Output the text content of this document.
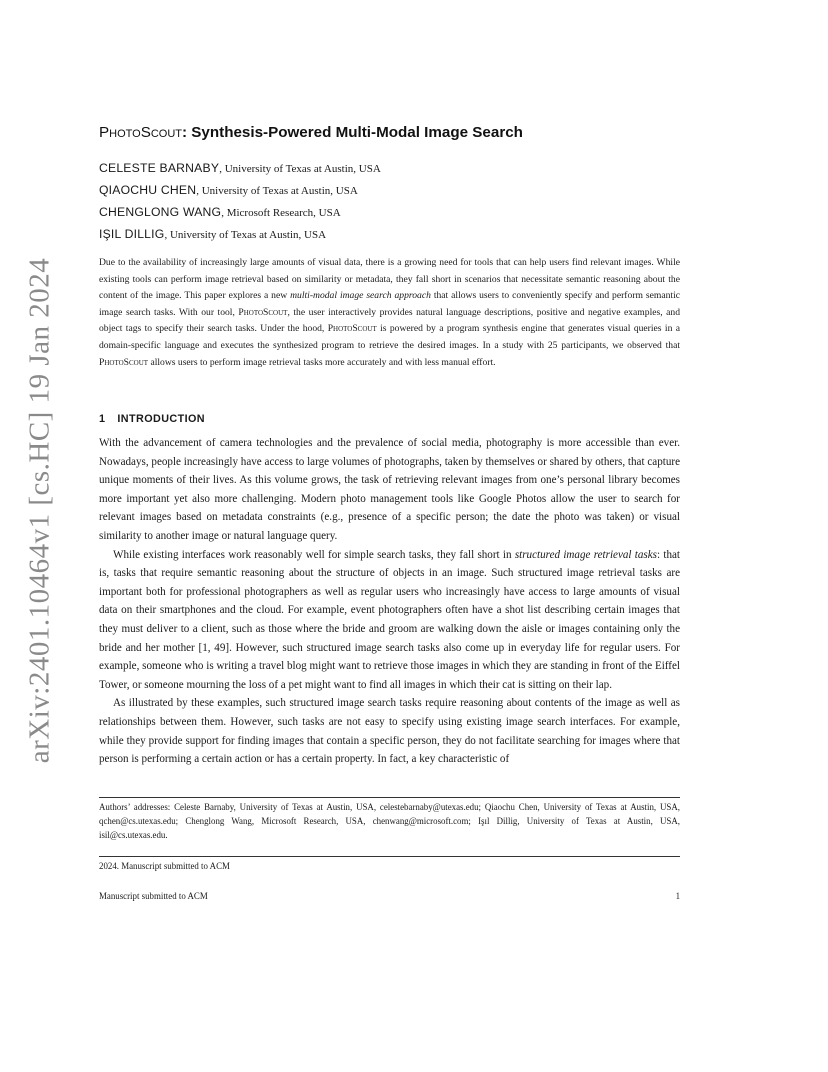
arXiv:2401.10464v1 [cs.HC] 19 Jan 2024
PhotoScout: Synthesis-Powered Multi-Modal Image Search
CELESTE BARNABY, University of Texas at Austin, USA
QIAOCHU CHEN, University of Texas at Austin, USA
CHENGLONG WANG, Microsoft Research, USA
IŞIL DILLIG, University of Texas at Austin, USA

Due to the availability of increasingly large amounts of visual data, there is a growing need for tools that can help users find relevant images. While existing tools can perform image retrieval based on similarity or metadata, they fall short in scenarios that necessitate semantic reasoning about the content of the image. This paper explores a new multi-modal image search approach that allows users to conveniently specify and perform semantic image search tasks. With our tool, PhotoScout, the user interactively provides natural language descriptions, positive and negative examples, and object tags to specify their search tasks. Under the hood, PhotoScout is powered by a program synthesis engine that generates visual queries in a domain-specific language and executes the synthesized program to retrieve the desired images. In a study with 25 participants, we observed that PhotoScout allows users to perform image retrieval tasks more accurately and with less manual effort.

1 INTRODUCTION

With the advancement of camera technologies and the prevalence of social media, photography is more accessible than ever. Nowadays, people increasingly have access to large volumes of photographs, taken by themselves or shared by others, that capture unique moments of their lives. As this volume grows, the task of retrieving relevant images from one’s personal library becomes more important yet also more challenging. Modern photo management tools like Google Photos allow the user to search for relevant images based on metadata constraints (e.g., presence of a specific person; the date the photo was taken) or visual similarity to another image or natural language query.

While existing interfaces work reasonably well for simple search tasks, they fall short in structured image retrieval tasks: that is, tasks that require semantic reasoning about the structure of objects in an image. Such structured image retrieval tasks are important both for professional photographers as well as regular users who increasingly have access to large amounts of visual data on their smartphones and the cloud. For example, event photographers often have a shot list describing certain images that they must deliver to a client, such as those where the bride and groom are walking down the aisle or images containing only the bride and her mother [1, 49]. However, such structured image search tasks also come up in everyday life for regular users. For example, someone who is writing a travel blog might want to retrieve those images in which they are standing in front of the Eiffel Tower, or someone mourning the loss of a pet might want to find all images in which their cat is sitting on their lap.

As illustrated by these examples, such structured image search tasks require reasoning about contents of the image as well as relationships between them. However, such tasks are not easy to specify using existing image search interfaces. For example, while they provide support for finding images that contain a specific person, they do not facilitate searching for images where that person is performing a certain action or has a certain property. In fact, a key characteristic of

Authors’ addresses: Celeste Barnaby, University of Texas at Austin, USA, celestebarnaby@utexas.edu; Qiaochu Chen, University of Texas at Austin, USA, qchen@cs.utexas.edu; Chenglong Wang, Microsoft Research, USA, chenwang@microsoft.com; Işıl Dillig, University of Texas at Austin, USA, isil@cs.utexas.edu.

2024. Manuscript submitted to ACM
Manuscript submitted to ACM	1
